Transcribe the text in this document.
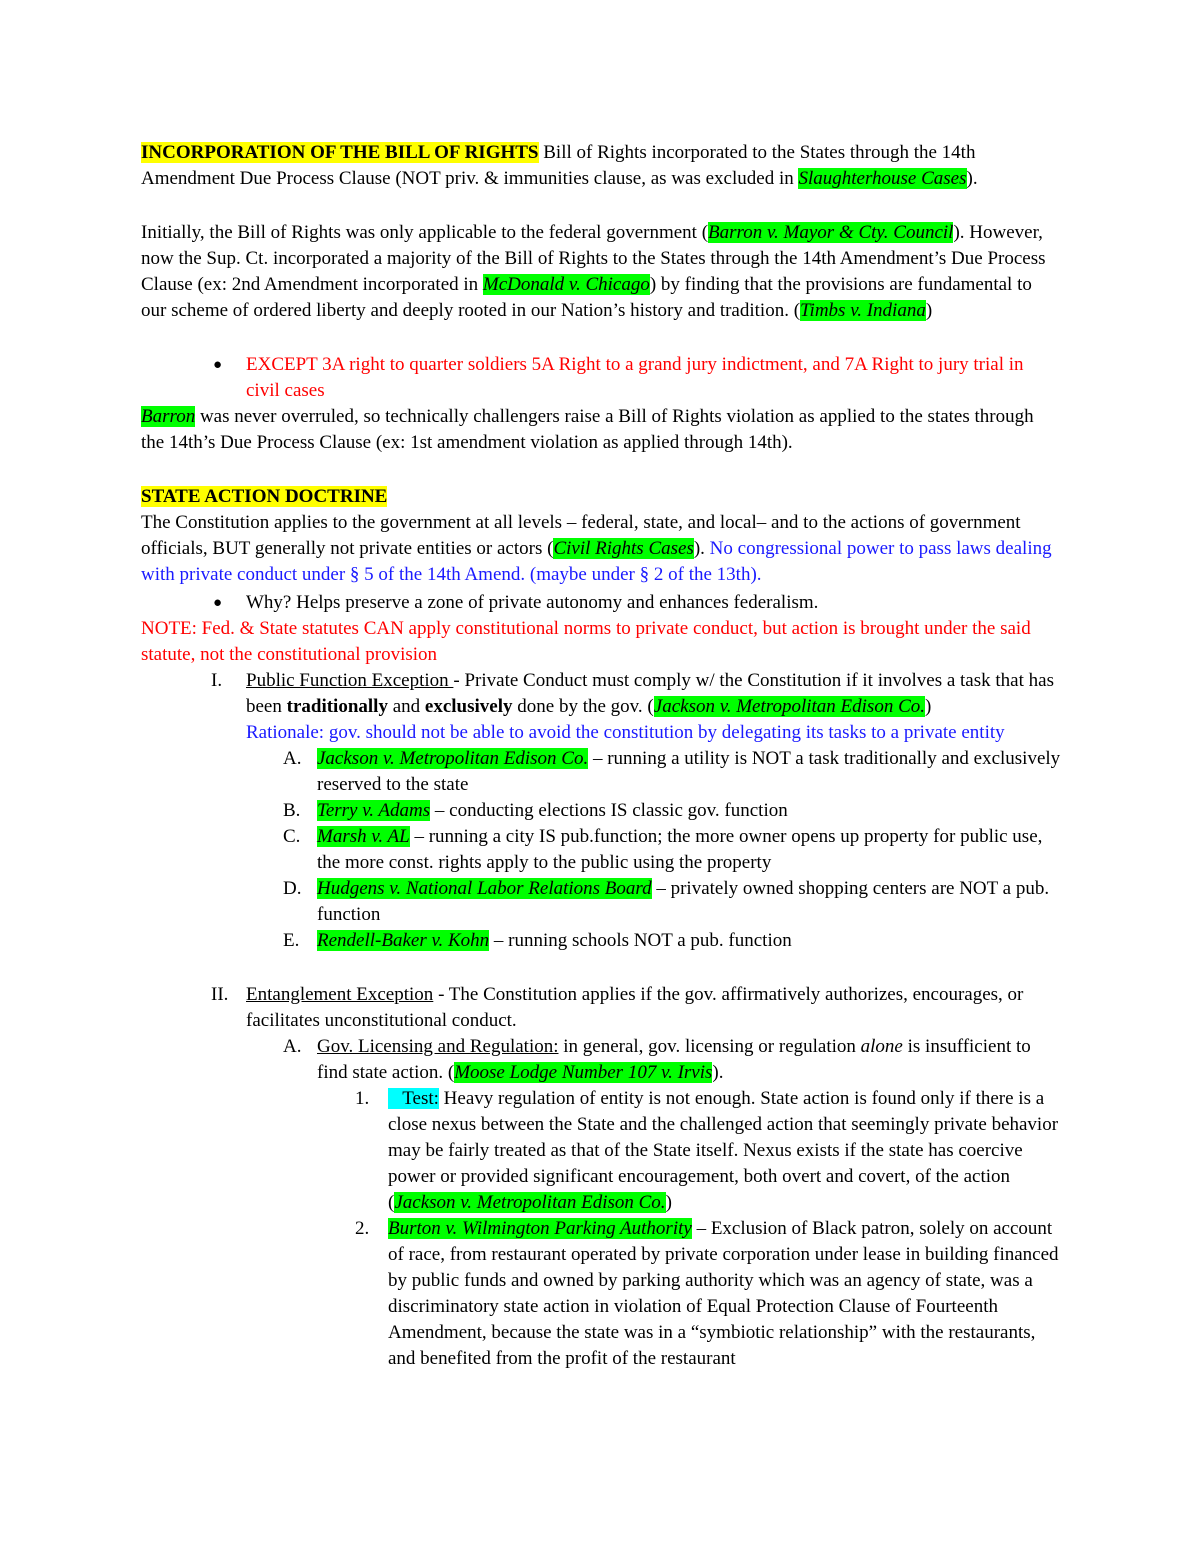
INCORPORATION OF THE BILL OF RIGHTS Bill of Rights incorporated to the States through the 14th Amendment Due Process Clause (NOT priv. & immunities clause, as was excluded in Slaughterhouse Cases).

Initially, the Bill of Rights was only applicable to the federal government (Barron v. Mayor & Cty. Council). However, now the Sup. Ct. incorporated a majority of the Bill of Rights to the States through the 14th Amendment’s Due Process Clause (ex: 2nd Amendment incorporated in McDonald v. Chicago) by finding that the provisions are fundamental to our scheme of ordered liberty and deeply rooted in our Nation’s history and tradition. (Timbs v. Indiana)

● EXCEPT 3A right to quarter soldiers 5A Right to a grand jury indictment, and 7A Right to jury trial in civil cases

Barron was never overruled, so technically challengers raise a Bill of Rights violation as applied to the states through the 14th’s Due Process Clause (ex: 1st amendment violation as applied through 14th).

STATE ACTION DOCTRINE

The Constitution applies to the government at all levels – federal, state, and local– and to the actions of government officials, BUT generally not private entities or actors (Civil Rights Cases). No congressional power to pass laws dealing with private conduct under § 5 of the 14th Amend. (maybe under § 2 of the 13th).

● Why? Helps preserve a zone of private autonomy and enhances federalism.

NOTE: Fed. & State statutes CAN apply constitutional norms to private conduct, but action is brought under the said statute, not the constitutional provision

I. Public Function Exception - Private Conduct must comply w/ the Constitution if it involves a task that has been traditionally and exclusively done by the gov. (Jackson v. Metropolitan Edison Co.)
Rationale: gov. should not be able to avoid the constitution by delegating its tasks to a private entity

A. Jackson v. Metropolitan Edison Co. – running a utility is NOT a task traditionally and exclusively reserved to the state

B. Terry v. Adams – conducting elections IS classic gov. function

C. Marsh v. AL – running a city IS pub.function; the more owner opens up property for public use, the more const. rights apply to the public using the property

D. Hudgens v. National Labor Relations Board – privately owned shopping centers are NOT a pub. function

E. Rendell-Baker v. Kohn – running schools NOT a pub. function

II. Entanglement Exception - The Constitution applies if the gov. affirmatively authorizes, encourages, or facilitates unconstitutional conduct.

A. Gov. Licensing and Regulation: in general, gov. licensing or regulation alone is insufficient to find state action. (Moose Lodge Number 107 v. Irvis).

1. Test: Heavy regulation of entity is not enough. State action is found only if there is a close nexus between the State and the challenged action that seemingly private behavior may be fairly treated as that of the State itself. Nexus exists if the state has coercive power or provided significant encouragement, both overt and covert, of the action (Jackson v. Metropolitan Edison Co.)

2. Burton v. Wilmington Parking Authority – Exclusion of Black patron, solely on account of race, from restaurant operated by private corporation under lease in building financed by public funds and owned by parking authority which was an agency of state, was a discriminatory state action in violation of Equal Protection Clause of Fourteenth Amendment, because the state was in a “symbiotic relationship” with the restaurants, and benefited from the profit of the restaurant
